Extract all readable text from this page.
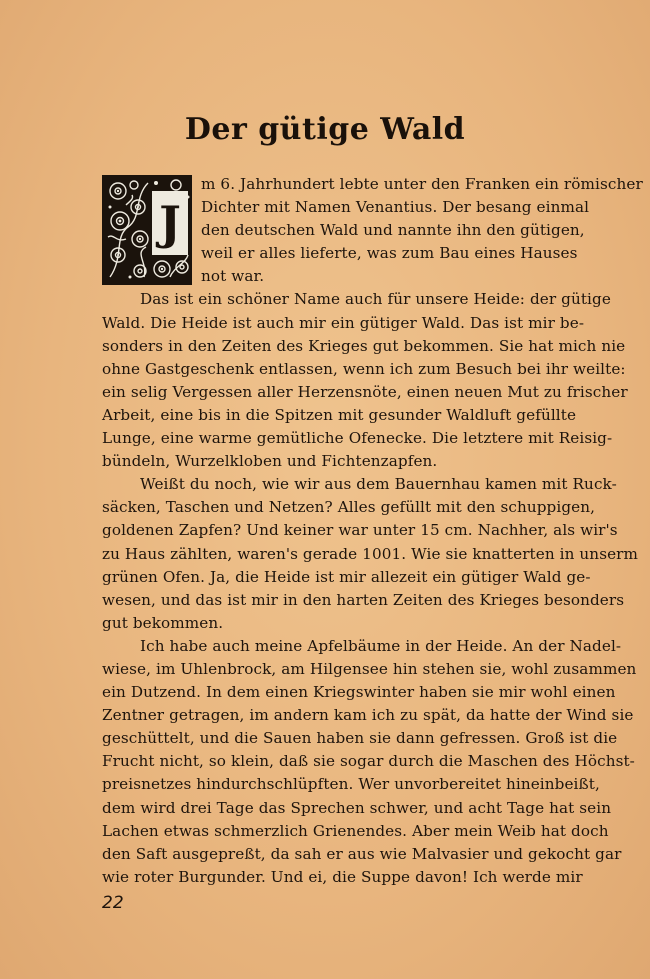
Der gütige Wald
J
m 6. Jahrhundert lebte unter den Franken ein römischer
Dichter mit Namen Venantius. Der besang einmal
den deutschen Wald und nannte ihn den gütigen,
weil er alles lieferte, was zum Bau eines Hauses
not war.
Das ist ein schöner Name auch für unsere Heide: der gütige
Wald. Die Heide ist auch mir ein gütiger Wald. Das ist mir be-
sonders in den Zeiten des Krieges gut bekommen. Sie hat mich nie
ohne Gastgeschenk entlassen, wenn ich zum Besuch bei ihr weilte:
ein selig Vergessen aller Herzensnöte, einen neuen Mut zu frischer
Arbeit, eine bis in die Spitzen mit gesunder Waldluft gefüllte
Lunge, eine warme gemütliche Ofenecke. Die letztere mit Reisig-
bündeln, Wurzelkloben und Fichtenzapfen.
Weißt du noch, wie wir aus dem Bauernhau kamen mit Ruck-
säcken, Taschen und Netzen? Alles gefüllt mit den schuppigen,
goldenen Zapfen? Und keiner war unter 15 cm. Nachher, als wir's
zu Haus zählten, waren's gerade 1001. Wie sie knatterten in unserm
grünen Ofen. Ja, die Heide ist mir allezeit ein gütiger Wald ge-
wesen, und das ist mir in den harten Zeiten des Krieges besonders
gut bekommen.
Ich habe auch meine Apfelbäume in der Heide. An der Nadel-
wiese, im Uhlenbrock, am Hilgensee hin stehen sie, wohl zusammen
ein Dutzend. In dem einen Kriegswinter haben sie mir wohl einen
Zentner getragen, im andern kam ich zu spät, da hatte der Wind sie
geschüttelt, und die Sauen haben sie dann gefressen. Groß ist die
Frucht nicht, so klein, daß sie sogar durch die Maschen des Höchst-
preisnetzes hindurchschlüpften. Wer unvorbereitet hineinbeißt,
dem wird drei Tage das Sprechen schwer, und acht Tage hat sein
Lachen etwas schmerzlich Grienendes. Aber mein Weib hat doch
den Saft ausgepreßt, da sah er aus wie Malvasier und gekocht gar
wie roter Burgunder. Und ei, die Suppe davon! Ich werde mir
22
